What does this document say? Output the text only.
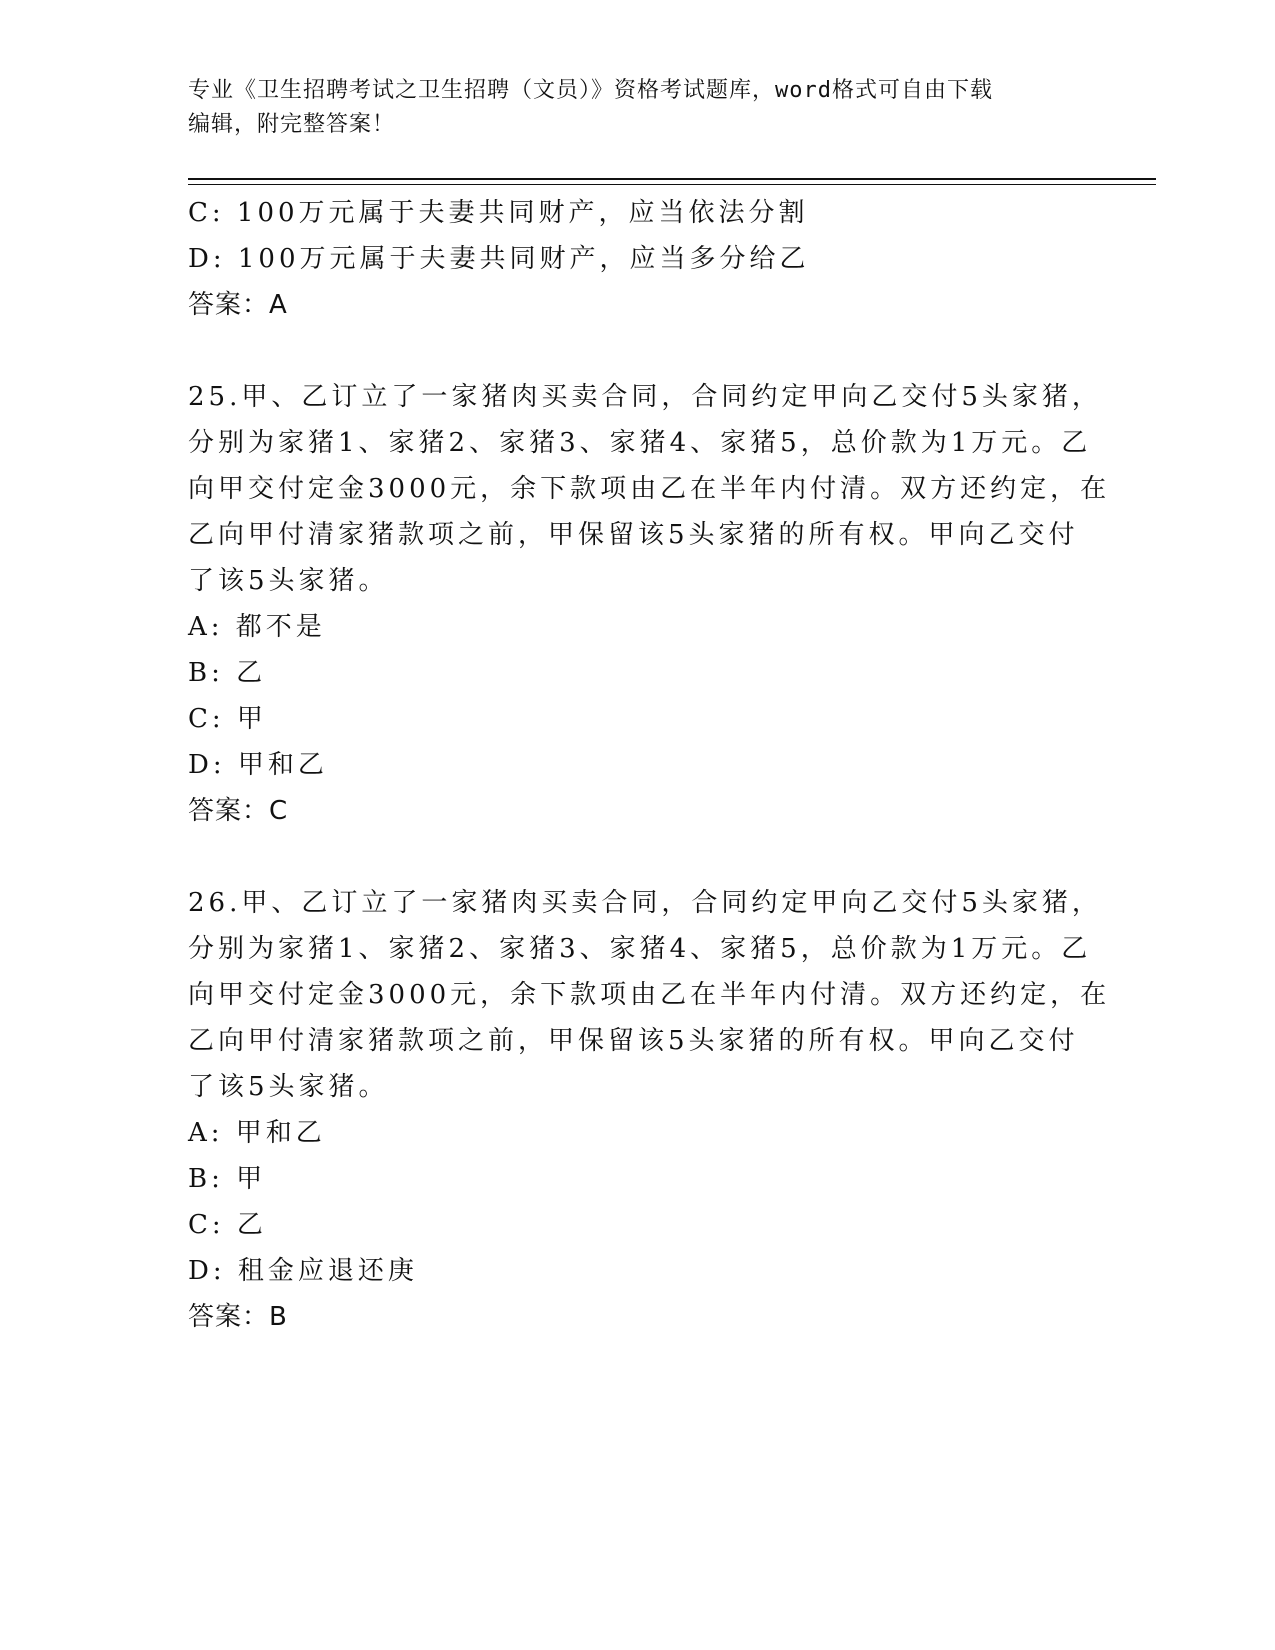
专业《卫生招聘考试之卫生招聘（文员）》资格考试题库，word格式可自由下载
编辑，附完整答案！
C: 100万元属于夫妻共同财产，应当依法分割
D: 100万元属于夫妻共同财产，应当多分给乙
答案：A
25.甲、乙订立了一家猪肉买卖合同，合同约定甲向乙交付5头家猪，
分别为家猪1、家猪2、家猪3、家猪4、家猪5，总价款为1万元。乙
向甲交付定金3000元，余下款项由乙在半年内付清。双方还约定，在
乙向甲付清家猪款项之前，甲保留该5头家猪的所有权。甲向乙交付
了该5头家猪。
A: 都不是
B: 乙
C: 甲
D: 甲和乙
答案：C
26.甲、乙订立了一家猪肉买卖合同，合同约定甲向乙交付5头家猪，
分别为家猪1、家猪2、家猪3、家猪4、家猪5，总价款为1万元。乙
向甲交付定金3000元，余下款项由乙在半年内付清。双方还约定，在
乙向甲付清家猪款项之前，甲保留该5头家猪的所有权。甲向乙交付
了该5头家猪。
A: 甲和乙
B: 甲
C: 乙
D: 租金应退还庚
答案：B
